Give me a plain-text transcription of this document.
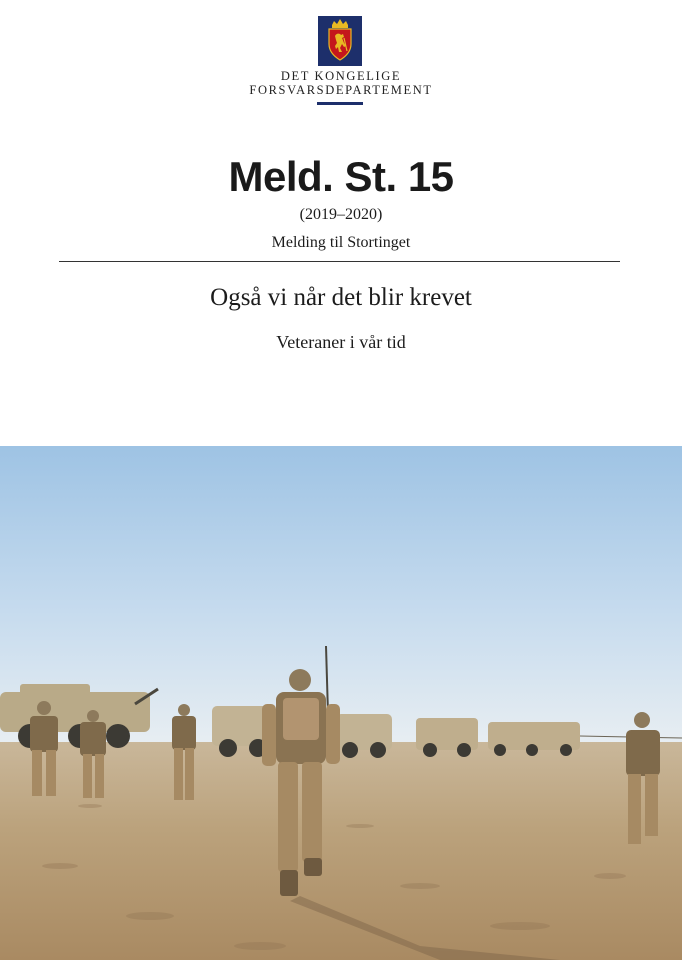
DET KONGELIGE
FORSVARSDEPARTEMENT
Meld. St. 15
(2019–2020)
Melding til Stortinget
Også vi når det blir krevet
Veteraner i vår tid
